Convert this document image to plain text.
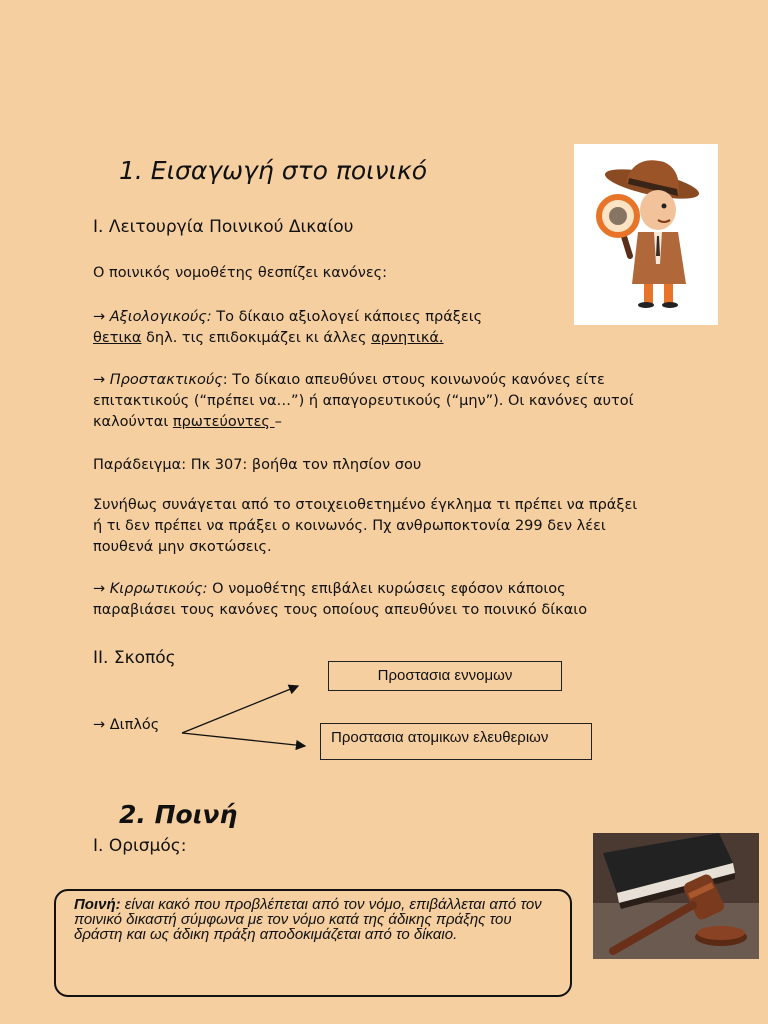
1. Εισαγωγή στο ποινικό
I. Λειτουργία Ποινικού Δικαίου
Ο ποινικός νομοθέτης θεσπίζει κανόνες:
→ Αξιολογικούς: Το δίκαιο αξιολογεί κάποιες πράξεις
θετικα δηλ. τις επιδοκιμάζει κι άλλες αρνητικά.
→ Προστακτικούς: Το δίκαιο απευθύνει στους κοινωνούς κανόνες είτε
επιτακτικούς (“πρέπει να…”) ή απαγορευτικούς (“μην”). Οι κανόνες αυτοί
καλούνται πρωτεύοντες –
Παράδειγμα: Πκ 307: βοήθα τον πλησίον σου
Συνήθως συνάγεται από το στοιχειοθετημένο έγκλημα τι πρέπει να πράξει
ή τι δεν πρέπει να πράξει ο κοινωνός. Πχ ανθρωποκτονία 299 δεν λέει
πουθενά μην σκοτώσεις.
→ Κιρρωτικούς: Ο νομοθέτης επιβάλει κυρώσεις εφόσον κάποιος
παραβιάσει τους κανόνες τους οποίους απευθύνει το ποινικό δίκαιο
II. Σκοπός
→ Διπλός
Προστασια εννομων
Προστασια ατομικων ελευθεριων
2. Ποινή
I. Ορισμός:
Ποινή: είναι κακό που προβλέπεται από τον νόμο, επιβάλλεται από τον ποινικό δικαστή σύμφωνα με τον νόμο κατά της άδικης πράξης του δράστη και ως άδικη πράξη αποδοκιμάζεται από το δίκαιο.
